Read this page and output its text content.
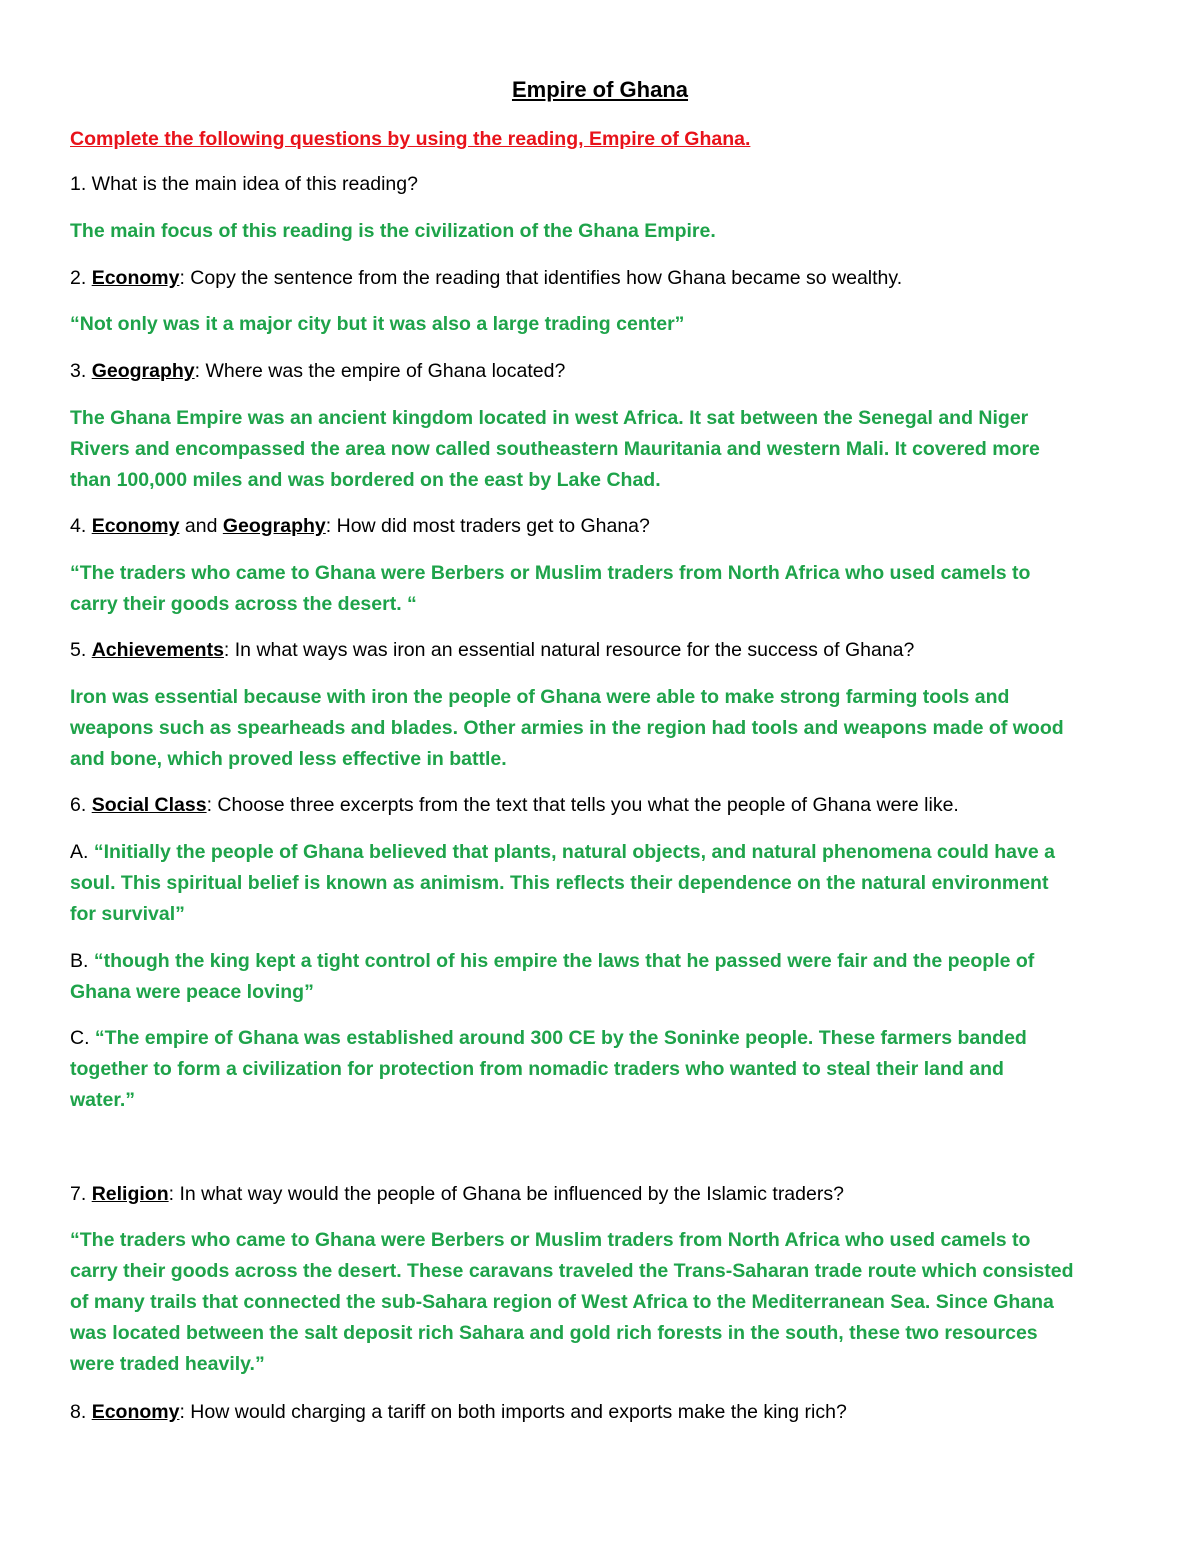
Empire of Ghana
Complete the following questions by using the reading, Empire of Ghana.
1. What is the main idea of this reading?
The main focus of this reading is the civilization of the Ghana Empire.
2. Economy: Copy the sentence from the reading that identifies how Ghana became so wealthy.
“Not only was it a major city but it was also a large trading center”
3. Geography: Where was the empire of Ghana located?
The Ghana Empire was an ancient kingdom located in west Africa. It sat between the Senegal and Niger
Rivers and encompassed the area now called southeastern Mauritania and western Mali. It covered more
than 100,000 miles and was bordered on the east by Lake Chad.
4. Economy and Geography: How did most traders get to Ghana?
“The traders who came to Ghana were Berbers or Muslim traders from North Africa who used camels to
carry their goods across the desert. “
5. Achievements: In what ways was iron an essential natural resource for the success of Ghana?
Iron was essential because with iron the people of Ghana were able to make strong farming tools and
weapons such as spearheads and blades. Other armies in the region had tools and weapons made of wood
and bone, which proved less effective in battle.
6. Social Class: Choose three excerpts from the text that tells you what the people of Ghana were like.
A. “Initially the people of Ghana believed that plants, natural objects, and natural phenomena could have a
soul. This spiritual belief is known as animism. This reflects their dependence on the natural environment
for survival”
B. “though the king kept a tight control of his empire the laws that he passed were fair and the people of
Ghana were peace loving”
C. “The empire of Ghana was established around 300 CE by the Soninke people. These farmers banded
together to form a civilization for protection from nomadic traders who wanted to steal their land and
water.”
7. Religion: In what way would the people of Ghana be influenced by the Islamic traders?
“The traders who came to Ghana were Berbers or Muslim traders from North Africa who used camels to
carry their goods across the desert. These caravans traveled the Trans-Saharan trade route which consisted
of many trails that connected the sub-Sahara region of West Africa to the Mediterranean Sea. Since Ghana
was located between the salt deposit rich Sahara and gold rich forests in the south, these two resources
were traded heavily.”
8. Economy: How would charging a tariff on both imports and exports make the king rich?
